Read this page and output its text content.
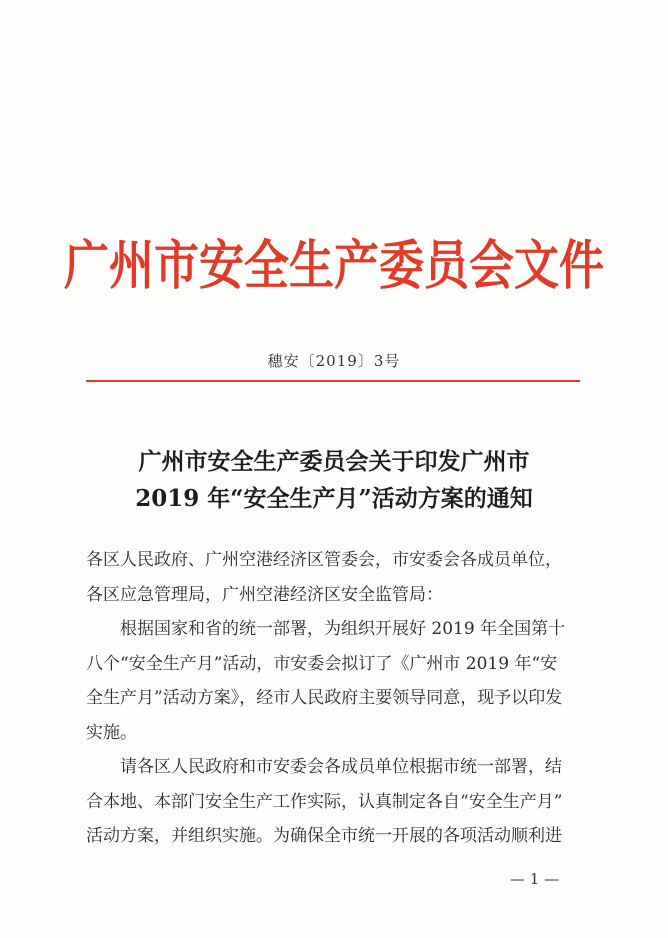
广州市安全生产委员会文件
穗安〔2019〕3号
广州市安全生产委员会关于印发广州市
2019 年“安全生产月”活动方案的通知
各区人民政府、广州空港经济区管委会，市安委会各成员单位，
各区应急管理局，广州空港经济区安全监管局：
根据国家和省的统一部署，为组织开展好 2019 年全国第十
八个“安全生产月”活动，市安委会拟订了《广州市 2019 年“安
全生产月”活动方案》，经市人民政府主要领导同意，现予以印发
实施。
请各区人民政府和市安委会各成员单位根据市统一部署，结
合本地、本部门安全生产工作实际，认真制定各自“安全生产月”
活动方案，并组织实施。为确保全市统一开展的各项活动顺利进
— 1 —
